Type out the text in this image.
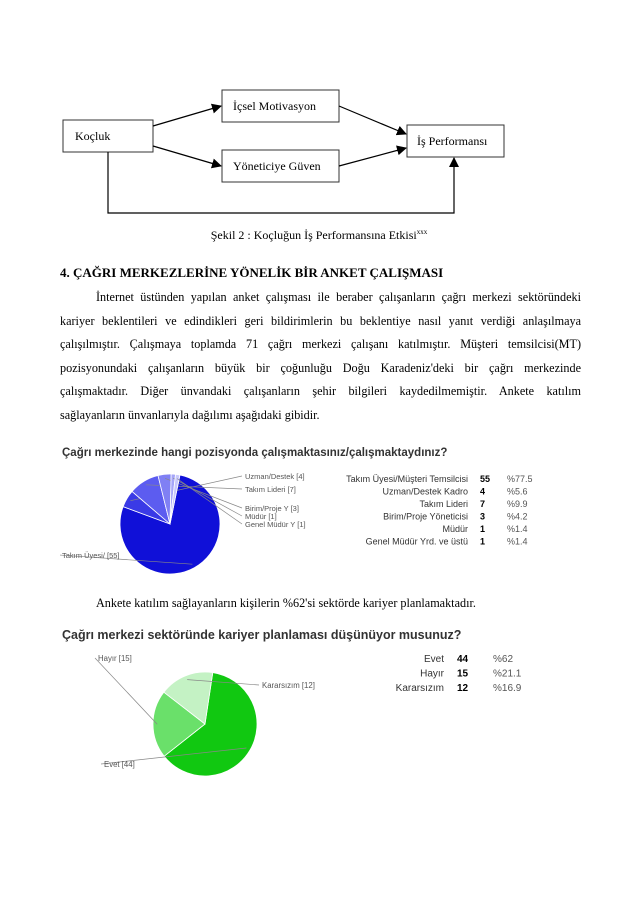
Koçluk
İçsel Motivasyon
Yöneticiye Güven
İş Performansı
Şekil 2 : Koçluğun İş Performansına Etkisi$^{xxx}$
4. ÇAĞRI MERKEZLERİNE YÖNELİK BİR ANKET ÇALIŞMASI
İnternet üstünden yapılan anket çalışması ile beraber çalışanların çağrı merkezi sektöründeki
kariyer beklentileri ve edindikleri geri bildirimlerin bu beklentiye nasıl yanıt verdiği anlaşılmaya
çalışılmıştır. Çalışmaya toplamda 71 çağrı merkezi çalışanı katılmıştır. Müşteri temsilcisi(MT)
pozisyonundaki çalışanların büyük bir çoğunluğu Doğu Karadeniz'deki bir çağrı merkezinde
çalışmaktadır. Diğer ünvandaki çalışanların şehir bilgileri kaydedilmemiştir. Ankete katılım
sağlayanların ünvanlarıyla dağılımı aşağıdaki gibidir.
Çağrı merkezinde hangi pozisyonda çalışmaktasınız/çalışmaktaydınız?
Takım Üyesi/ [55]
Takım Üyesi/Müşteri Temsilcisi 55 %77.5
Uzman/Destek [4]
Uzman/Destek Kadro 4 %5.6
Takım Lideri [7]
Takım Lideri 7 %9.9
Birim/Proje Y [3]
Birim/Proje Yöneticisi 3 %4.2
Müdür [1]
Müdür 1 %1.4
Genel Müdür Y [1]
Genel Müdür Yrd. ve üstü 1 %1.4
Ankete katılım sağlayanların kişilerin %62'si sektörde kariyer planlamaktadır.
Çağrı merkezi sektöründe kariyer planlaması düşünüyor musunuz?
Evet [44]
Evet 44 %62
Hayır [15]
Hayır 15 %21.1
Kararsızım [12]	Kararsızım 12 %16.9
